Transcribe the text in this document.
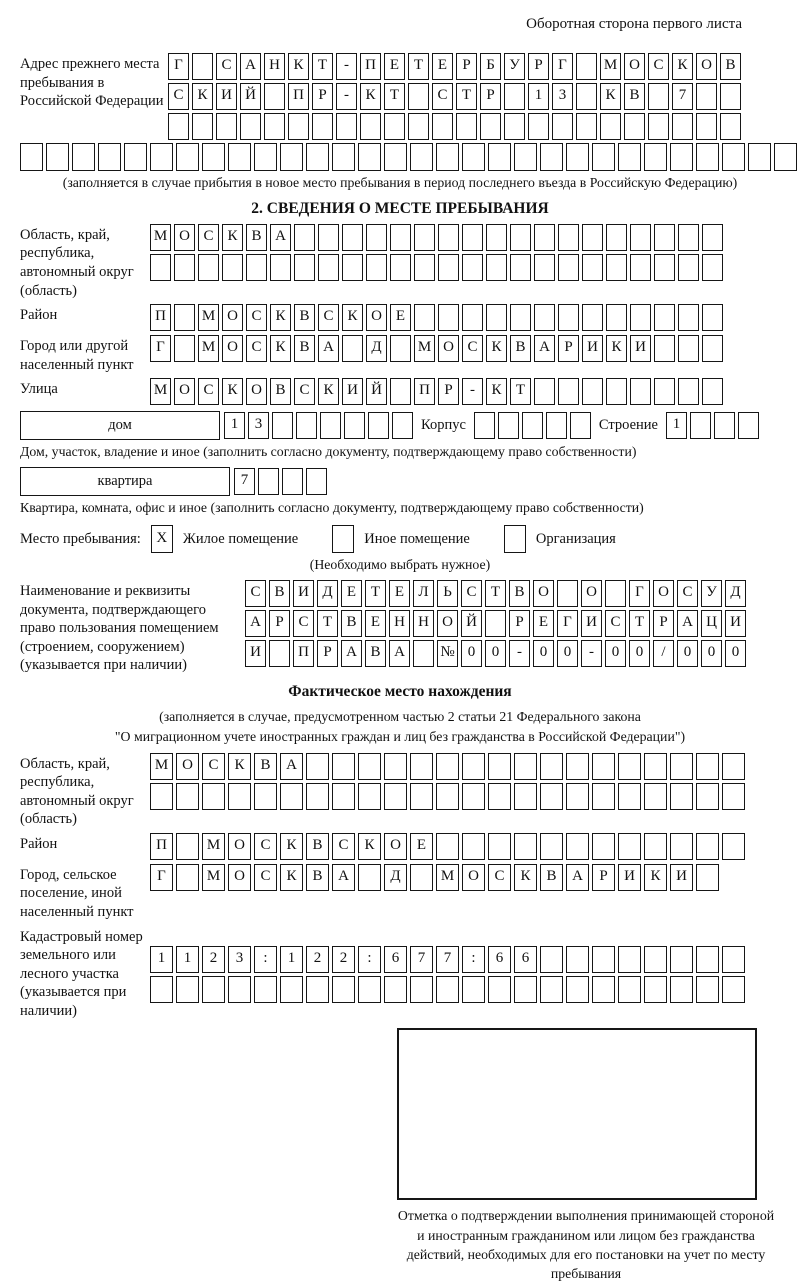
Оборотная сторона первого листа
Адрес прежнего места пребывания в Российской Федерации
Г	С А Н К Т	-	П Е Т Е	Р	Б У Р	Г	М О С К О В
С К И Й	П Р	-	К Т	С Т	Р	1	3	К В	7
(заполняется в случае прибытия в новое место пребывания в период последнего въезда в Российскую Федерацию)
2. СВЕДЕНИЯ О МЕСТЕ ПРЕБЫВАНИЯ
Область, край, республика, автономный округ (область)
М О С К В А
Район	П	М О С К В С К О Е
Город или другой населенный пункт
Г	М О С К В А	Д	М О С К В А Р И К И
Улица	М О С К О В С К И Й	П Р	-	К Т
дом	1	3	Корпус	Строение 1
Дом, участок, владение и иное (заполнить согласно документу, подтверждающему право собственности)
квартира	7
Квартира, комната, офис и иное (заполнить согласно документу, подтверждающему право собственности)
Место пребывания:	X	Жилое помещение	Иное помещение	Организация
(Необходимо выбрать нужное)
Наименование и реквизиты документа, подтверждающего право пользования помещением (строением, сооружением) (указывается при наличии)
С В И Д Е Т Е Л Ь С Т В О	О	Г О С У Д
А Р С Т В Е Н Н О Й	Р	Е	Г И С Т	Р А Ц И
И	П Р А В А	№ 0	0	-	0	0	-	0	0	/	0	0	0
Фактическое место нахождения
(заполняется в случае, предусмотренном частью 2 статьи 21 Федерального закона
"О миграционном учете иностранных граждан и лиц без гражданства в Российской Федерации")
Область, край, республика, автономный округ (область)
М О	С	К	В	А
Район	П	М О	С	К	В	С	К	О	Е
Город, сельское поселение, иной населенный пункт
Г	М О	С	К	В	А	Д	М О	С	К	В	А	Р	И	К	И
Кадастровый номер земельного или лесного участка (указывается при наличии)
1	1	2	3	:	1	2	2	:	6	7	7	:	6	6
Отметка о подтверждении выполнения принимающей стороной и иностранным гражданином или лицом без гражданства действий, необходимых для его постановки на учет по месту пребывания
